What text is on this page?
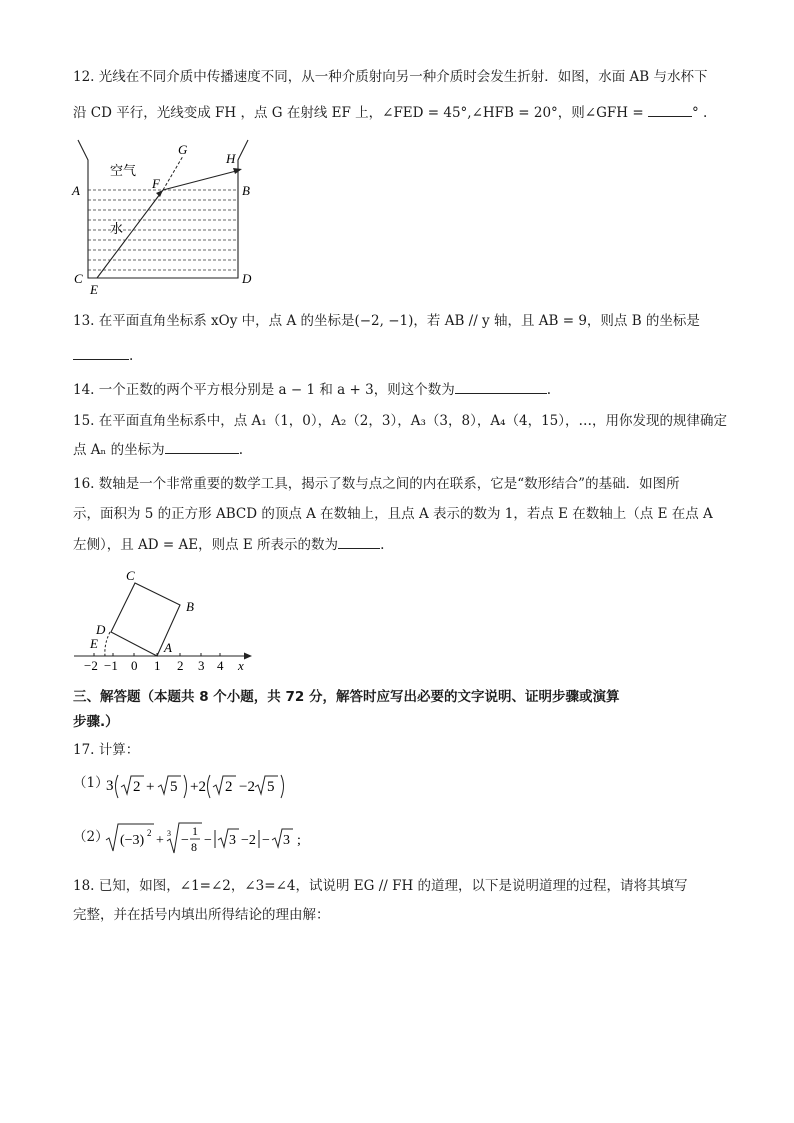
12. 光线在不同介质中传播速度不同，从一种介质射向另一种介质时会发生折射．如图，水面 AB 与水杯下
沿 CD 平行，光线变成 FH ，点 G 在射线 EF 上，∠FED = 45°,∠HFB = 20°，则∠GFH =	° .
空气
水
A	B
C	D
E
F
G
H
13. 在平面直角坐标系 xOy 中，点 A 的坐标是(−2, −1)，若 AB // y 轴，且 AB = 9，则点 B 的坐标是
.
14. 一个正数的两个平方根分别是 a − 1 和 a + 3，则这个数为	.
15. 在平面直角坐标系中，点 A₁（1，0），A₂（2，3），A₃（3，8），A₄（4，15），…，用你发现的规律确定
点 Aₙ 的坐标为	.
16. 数轴是一个非常重要的数学工具，揭示了数与点之间的内在联系，它是“数形结合”的基础．如图所
示，面积为 5 的正方形 ABCD 的顶点 A 在数轴上，且点 A 表示的数为 1，若点 E 在数轴上（点 E 在点 A
左侧），且 AD = AE，则点 E 所表示的数为	.
C
B
D
E	A
−2 −1 0 1 2 3 4 x
三、解答题（本题共 8 个小题，共 72 分，解答时应写出必要的文字说明、证明步骤或演算
步骤.）
17. 计算：
（1）
3 2 + 5 +2 2 −2 5
（2） (−3) 2 + 3 −
1
8 − 3 −2 − 3 ;
18. 已知，如图，∠1=∠2，∠3=∠4，试说明 EG // FH 的道理，以下是说明道理的过程，请将其填写
完整，并在括号内填出所得结论的理由解：
